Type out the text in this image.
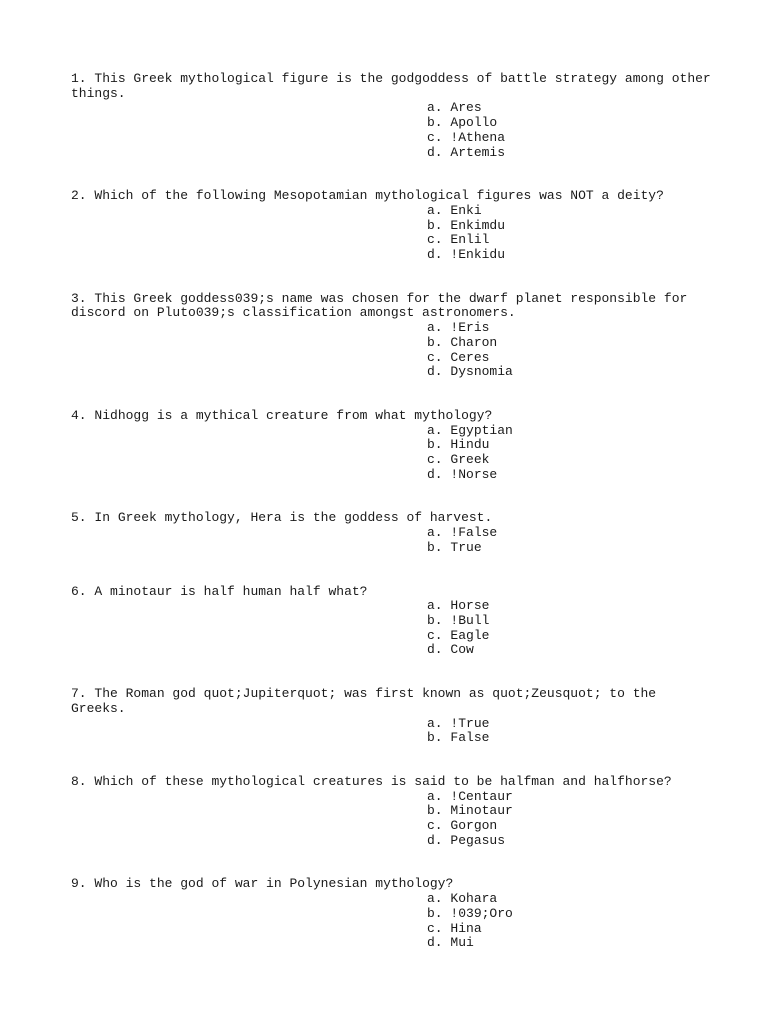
1. This Greek mythological figure is the godgoddess of battle strategy among other things.

a. Ares
b. Apollo
c. !Athena
d. Artemis

2. Which of the following Mesopotamian mythological figures was NOT a deity?

a. Enki
b. Enkimdu
c. Enlil
d. !Enkidu

3. This Greek goddess039;s name was chosen for the dwarf planet responsible for discord on Pluto039;s classification amongst astronomers.

a. !Eris
b. Charon
c. Ceres
d. Dysnomia

4. Nidhogg is a mythical creature from what mythology?

a. Egyptian
b. Hindu
c. Greek
d. !Norse

5. In Greek mythology, Hera is the goddess of harvest.

a. !False
b. True

6. A minotaur is half human half what?

a. Horse
b. !Bull
c. Eagle
d. Cow

7. The Roman god quot;Jupiterquot; was first known as quot;Zeusquot; to the Greeks.

a. !True
b. False

8. Which of these mythological creatures is said to be halfman and halfhorse?

a. !Centaur
b. Minotaur
c. Gorgon
d. Pegasus

9. Who is the god of war in Polynesian mythology?

a. Kohara
b. !039;Oro
c. Hina
d. Mui
